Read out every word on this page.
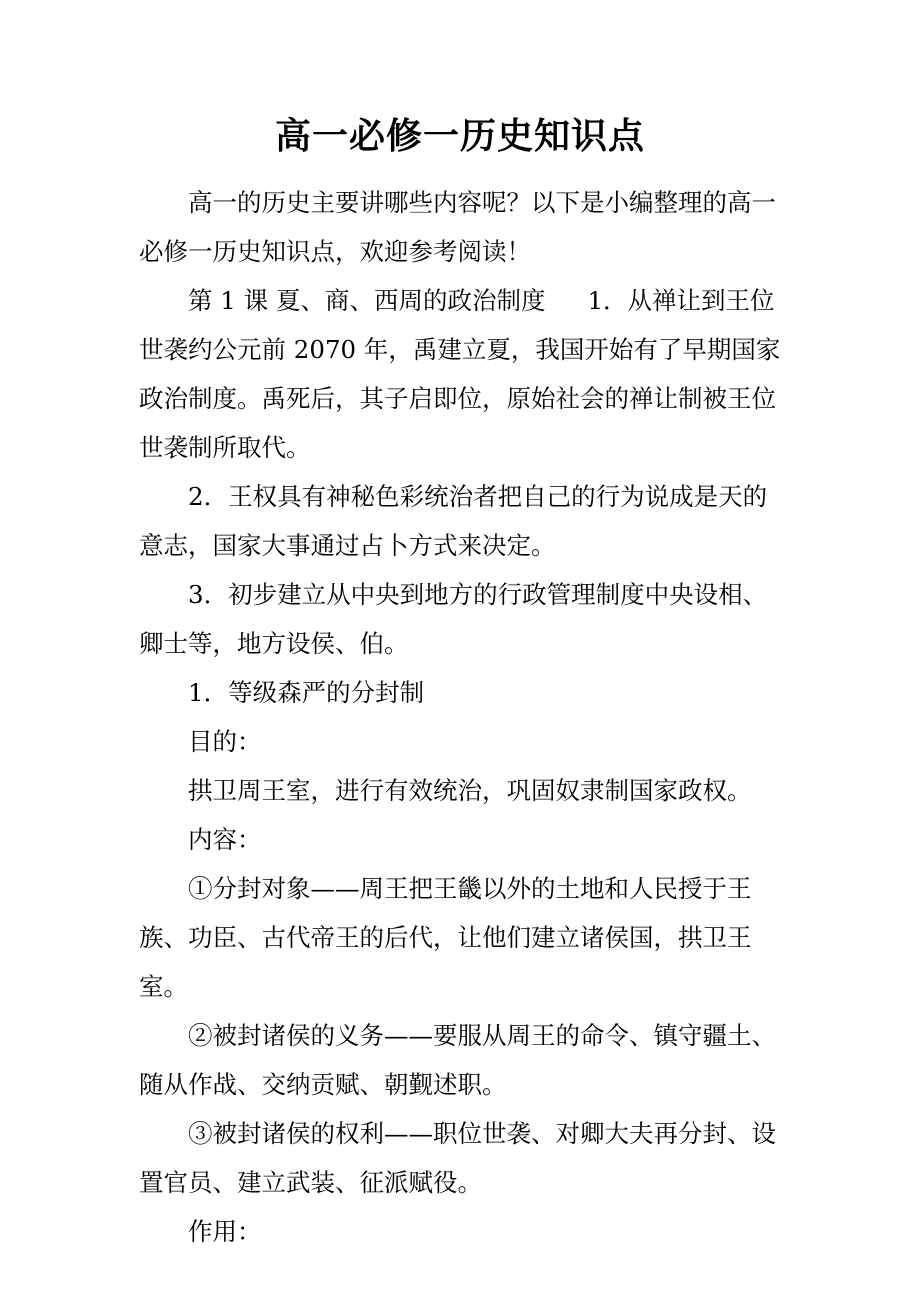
高一必修一历史知识点

高一的历史主要讲哪些内容呢？以下是小编整理的高一必修一历史知识点，欢迎参考阅读！

第 1 课 夏、商、西周的政治制度 1．从禅让到王位世袭约公元前 2070 年，禹建立夏，我国开始有了早期国家政治制度。禹死后，其子启即位，原始社会的禅让制被王位世袭制所取代。

2．王权具有神秘色彩统治者把自己的行为说成是天的意志，国家大事通过占卜方式来决定。

3．初步建立从中央到地方的行政管理制度中央设相、卿士等，地方设侯、伯。

1．等级森严的分封制

目的：

拱卫周王室，进行有效统治，巩固奴隶制国家政权。

内容：

①分封对象——周王把王畿以外的土地和人民授于王族、功臣、古代帝王的后代，让他们建立诸侯国，拱卫王室。

②被封诸侯的义务——要服从周王的命令、镇守疆土、随从作战、交纳贡赋、朝觐述职。

③被封诸侯的权利——职位世袭、对卿大夫再分封、设置官员、建立武装、征派赋役。

作用：
